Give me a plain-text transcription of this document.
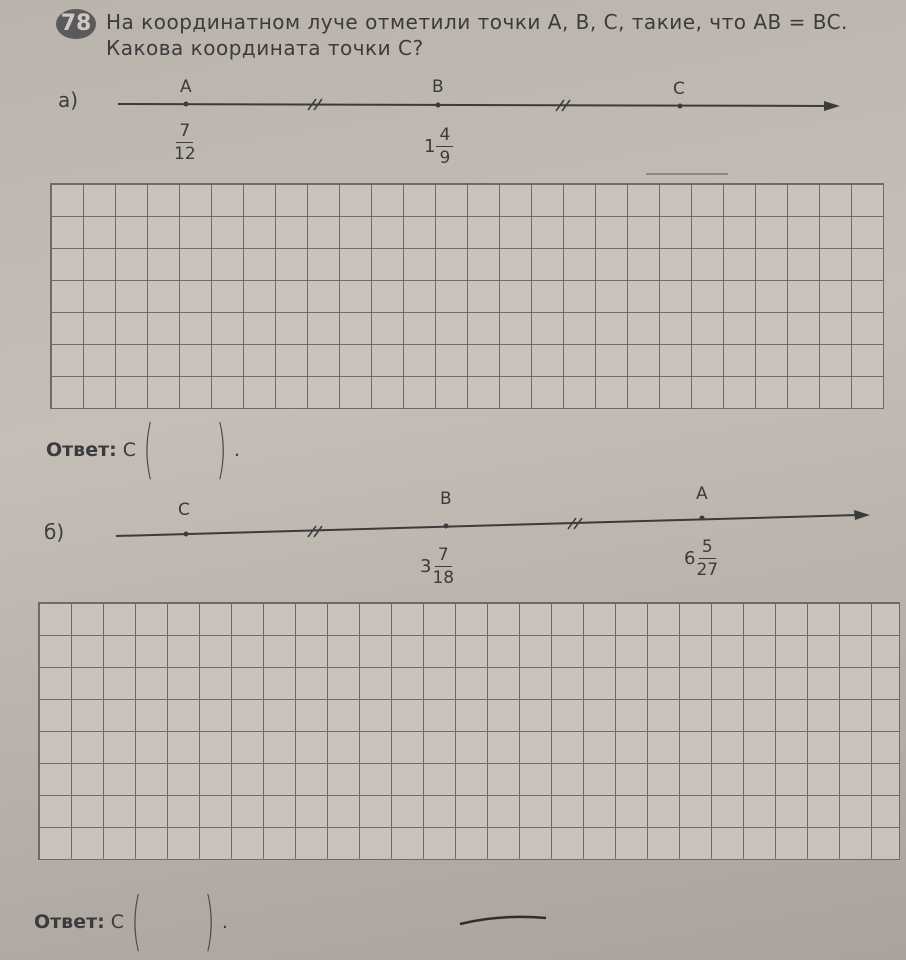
78 На координатном луче отметили точки A, B, C, такие, что AB = BC.
Какова координата точки C?
а)
A	B	C
$\frac{7}{12}$	$1 \frac{4}{9}$
Ответ: C ( ) .
б)
C
B	A
$3 \frac{7}{18}$	$6 \frac{5}{27}$
Ответ: C ( ) .
